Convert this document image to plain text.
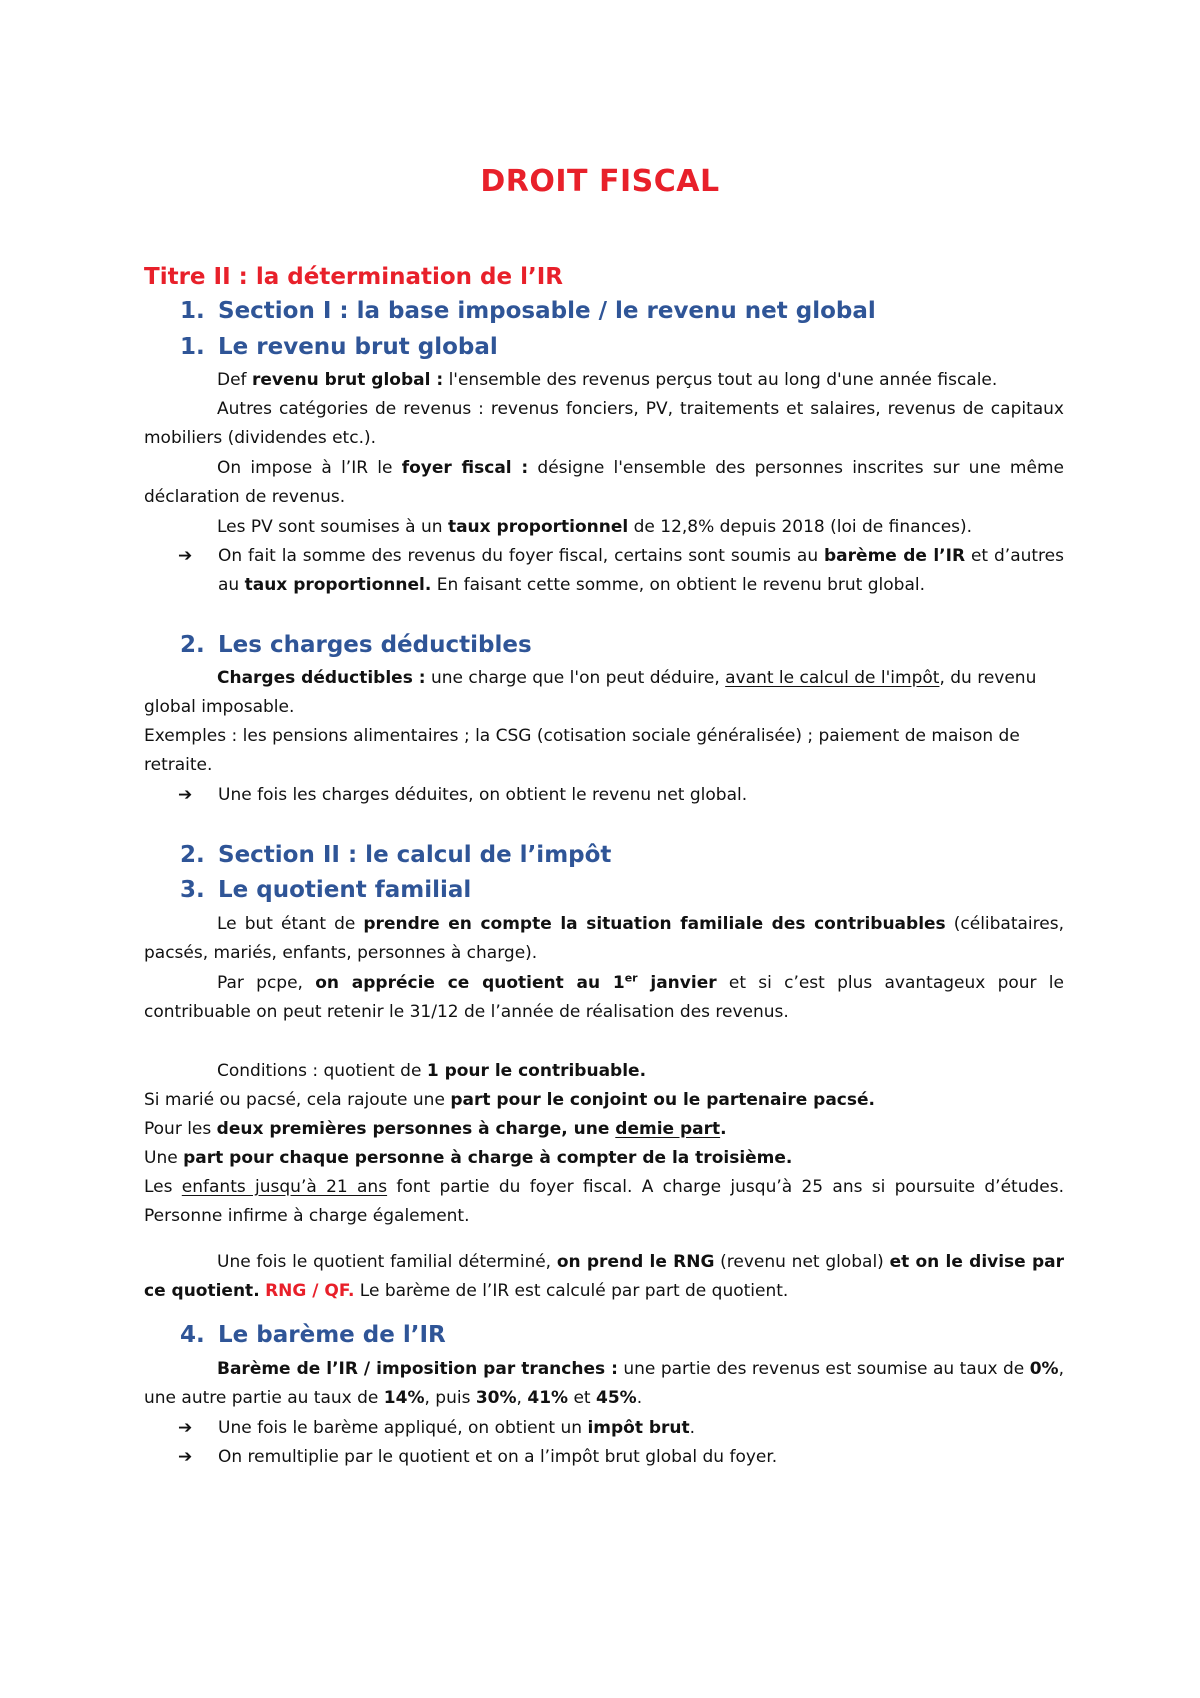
DROIT FISCAL
Titre II : la détermination de l’IR
1. Section I : la base imposable / le revenu net global
1. Le revenu brut global
Def revenu brut global : l'ensemble des revenus perçus tout au long d'une année fiscale.
Autres catégories de revenus : revenus fonciers, PV, traitements et salaires, revenus de capitaux mobiliers (dividendes etc.).
On impose à l’IR le foyer fiscal : désigne l'ensemble des personnes inscrites sur une même déclaration de revenus.
Les PV sont soumises à un taux proportionnel de 12,8% depuis 2018 (loi de finances).
➔	On fait la somme des revenus du foyer fiscal, certains sont soumis au barème de l’IR et d’autres au taux proportionnel. En faisant cette somme, on obtient le revenu brut global.
2. Les charges déductibles
Charges déductibles : une charge que l'on peut déduire, avant le calcul de l'impôt, du revenu global imposable.
Exemples : les pensions alimentaires ; la CSG (cotisation sociale généralisée) ; paiement de maison de retraite.
➔	Une fois les charges déduites, on obtient le revenu net global.
2. Section II : le calcul de l’impôt
3. Le quotient familial
Le but étant de prendre en compte la situation familiale des contribuables (célibataires, pacsés, mariés, enfants, personnes à charge).
Par pcpe, on apprécie ce quotient au 1er janvier et si c’est plus avantageux pour le contribuable on peut retenir le 31/12 de l’année de réalisation des revenus.
Conditions : quotient de 1 pour le contribuable.
Si marié ou pacsé, cela rajoute une part pour le conjoint ou le partenaire pacsé.
Pour les deux premières personnes à charge, une demie part.
Une part pour chaque personne à charge à compter de la troisième.
Les enfants jusqu’à 21 ans font partie du foyer fiscal. A charge jusqu’à 25 ans si poursuite d’études. Personne infirme à charge également.
Une fois le quotient familial déterminé, on prend le RNG (revenu net global) et on le divise par ce quotient. RNG / QF. Le barème de l’IR est calculé par part de quotient.
4. Le barème de l’IR
Barème de l’IR / imposition par tranches : une partie des revenus est soumise au taux de 0%, une autre partie au taux de 14%, puis 30%, 41% et 45%.
➔	Une fois le barème appliqué, on obtient un impôt brut.
➔	On remultiplie par le quotient et on a l’impôt brut global du foyer.
